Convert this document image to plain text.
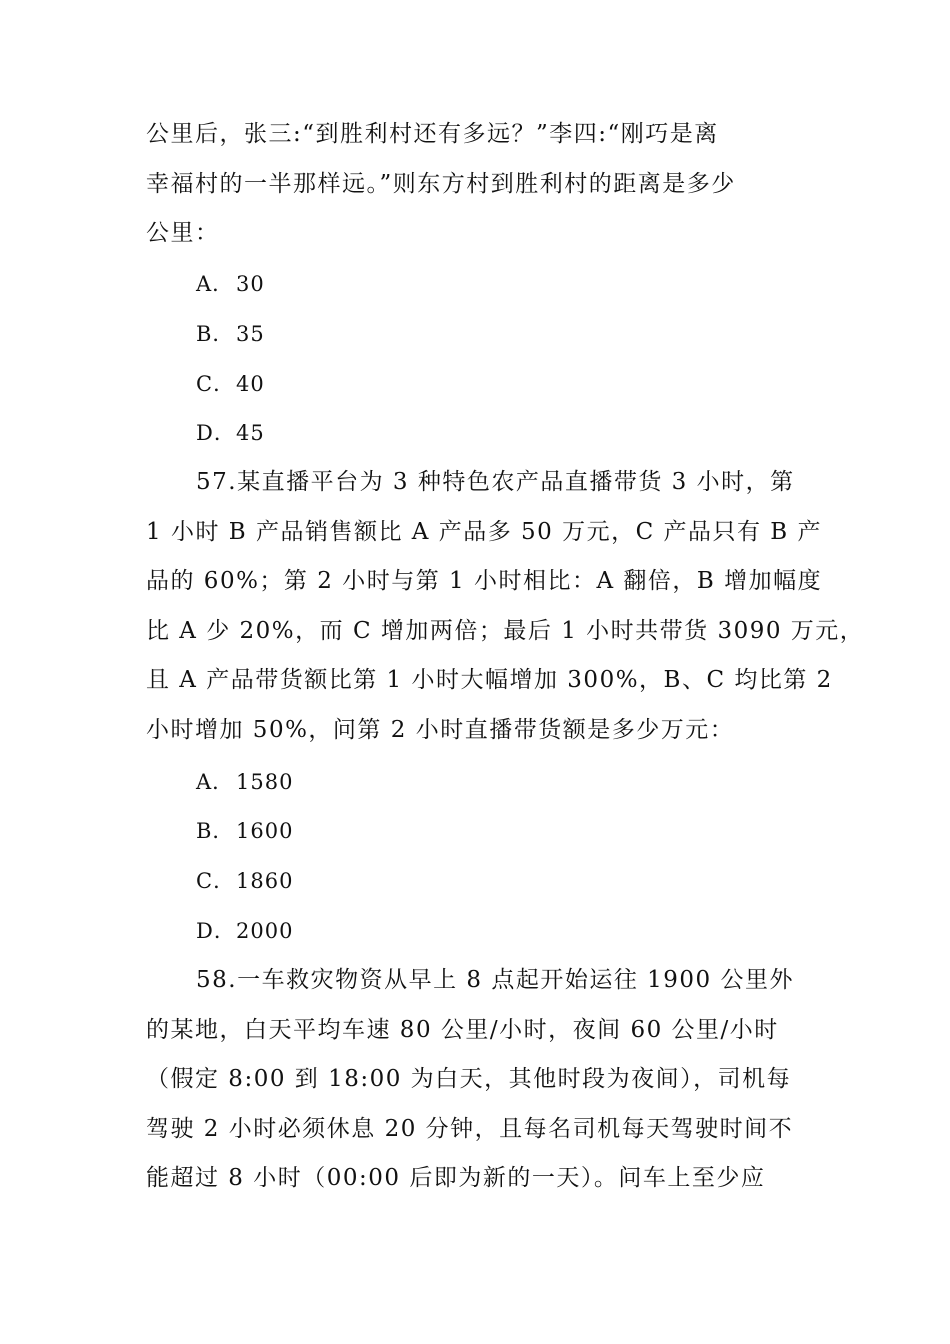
公里后，张三:“到胜利村还有多远？”李四:“刚巧是离
幸福村的一半那样远。”则东方村到胜利村的距离是多少
公里：
A．30
B．35
C．40
D．45
57.某直播平台为 3 种特色农产品直播带货 3 小时，第
1 小时 B 产品销售额比 A 产品多 50 万元，C 产品只有 B 产
品的 60%；第 2 小时与第 1 小时相比：A 翻倍，B 增加幅度
比 A 少 20%，而 C 增加两倍；最后 1 小时共带货 3090 万元，
且 A 产品带货额比第 1 小时大幅增加 300%，B、C 均比第 2
小时增加 50%，问第 2 小时直播带货额是多少万元：
A．1580
B．1600
C．1860
D．2000
58.一车救灾物资从早上 8 点起开始运往 1900 公里外
的某地，白天平均车速 80 公里/小时，夜间 60 公里/小时
（假定 8:00 到 18:00 为白天，其他时段为夜间），司机每
驾驶 2 小时必须休息 20 分钟，且每名司机每天驾驶时间不
能超过 8 小时（00:00 后即为新的一天）。问车上至少应
